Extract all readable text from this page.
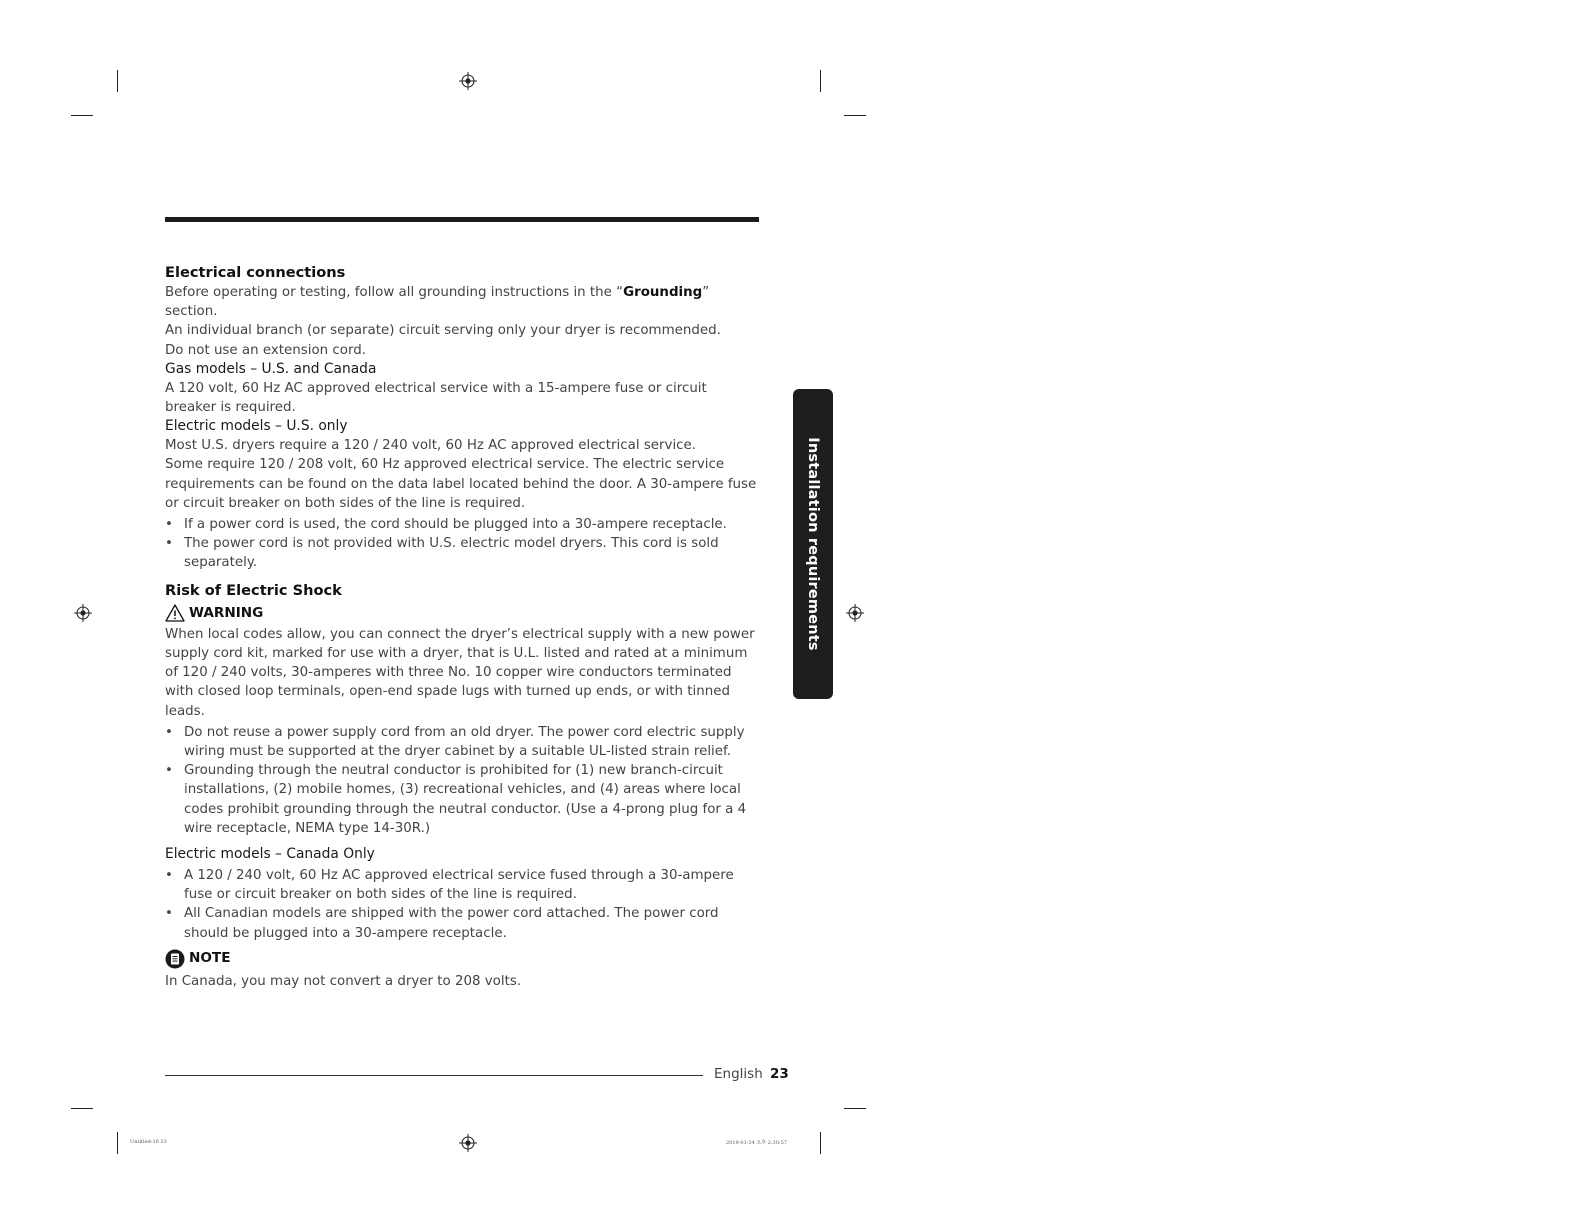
Electrical connections

Before operating or testing, follow all grounding instructions in the “Grounding” section.

An individual branch (or separate) circuit serving only your dryer is recommended.

Do not use an extension cord.

Gas models – U.S. and Canada

A 120 volt, 60 Hz AC approved electrical service with a 15-ampere fuse or circuit breaker is required.

Electric models – U.S. only

Most U.S. dryers require a 120 / 240 volt, 60 Hz AC approved electrical service.

Some require 120 / 208 volt, 60 Hz approved electrical service. The electric service requirements can be found on the data label located behind the door. A 30-ampere fuse or circuit breaker on both sides of the line is required.

• If a power cord is used, the cord should be plugged into a 30-ampere receptacle.
• The power cord is not provided with U.S. electric model dryers. This cord is sold separately.

Risk of Electric Shock

WARNING

When local codes allow, you can connect the dryer’s electrical supply with a new power supply cord kit, marked for use with a dryer, that is U.L. listed and rated at a minimum of 120 / 240 volts, 30-amperes with three No. 10 copper wire conductors terminated with closed loop terminals, open-end spade lugs with turned up ends, or with tinned leads.

• Do not reuse a power supply cord from an old dryer. The power cord electric supply wiring must be supported at the dryer cabinet by a suitable UL-listed strain relief.
• Grounding through the neutral conductor is prohibited for (1) new branch-circuit installations, (2) mobile homes, (3) recreational vehicles, and (4) areas where local codes prohibit grounding through the neutral conductor. (Use a 4-prong plug for a 4 wire receptacle, NEMA type 14-30R.)

Electric models – Canada Only

• A 120 / 240 volt, 60 Hz AC approved electrical service fused through a 30-ampere fuse or circuit breaker on both sides of the line is required.
• All Canadian models are shipped with the power cord attached. The power cord should be plugged into a 30-ampere receptacle.
NOTE

In Canada, you may not convert a dryer to 208 volts.

Installation requirements
English 23
Untitled-16 23	2019-01-24 오후 2:30:57
